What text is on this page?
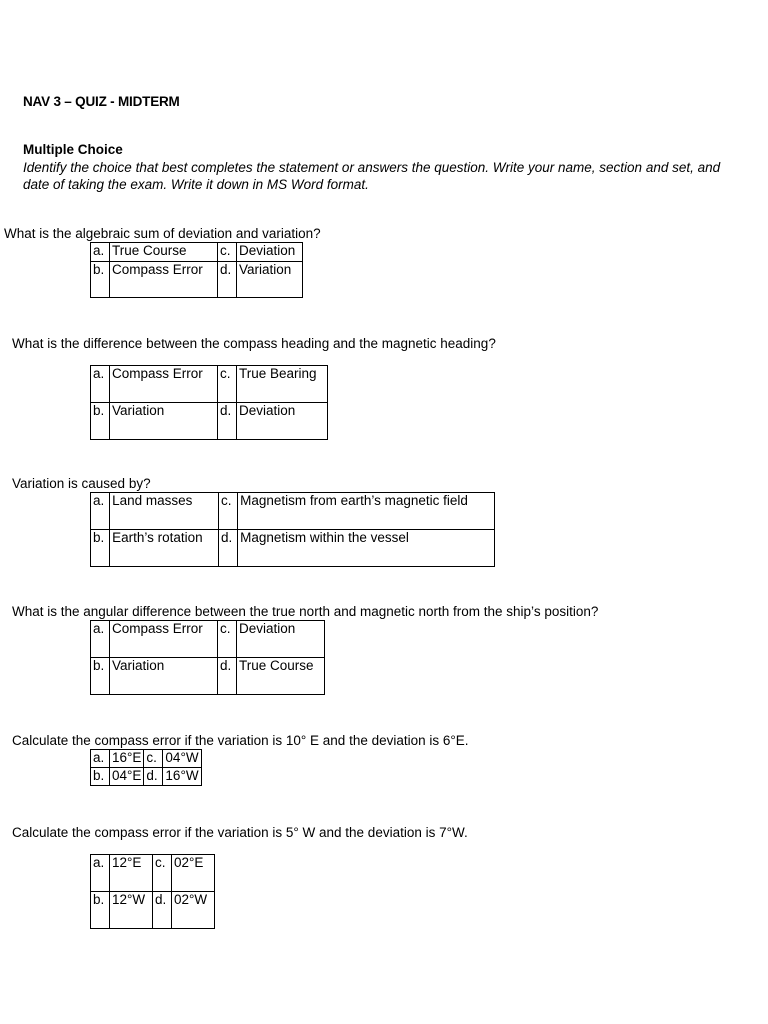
NAV 3 – QUIZ - MIDTERM
Multiple Choice
Identify the choice that best completes the statement or answers the question. Write your name, section and set, and date of taking the exam. Write it down in MS Word format.
What is the algebraic sum of deviation and variation?
a.	True Course	c.	Deviation
b.	Compass Error	d.	Variation
What is the difference between the compass heading and the magnetic heading?
a.	Compass Error	c.	True Bearing
b.	Variation	d.	Deviation
Variation is caused by?
a.	Land masses	c.	Magnetism from earth’s magnetic field
b.	Earth’s rotation	d.	Magnetism within the vessel
What is the angular difference between the true north and magnetic north from the ship’s position?
a.	Compass Error	c.	Deviation
b.	Variation	d.	True Course
Calculate the compass error if the variation is 10° E and the deviation is 6°E.
a.	16°E	c.	04°W
b.	04°E	d.	16°W
Calculate the compass error if the variation is 5° W and the deviation is 7°W.
a.	12°E	c.	02°E
b.	12°W	d.	02°W
